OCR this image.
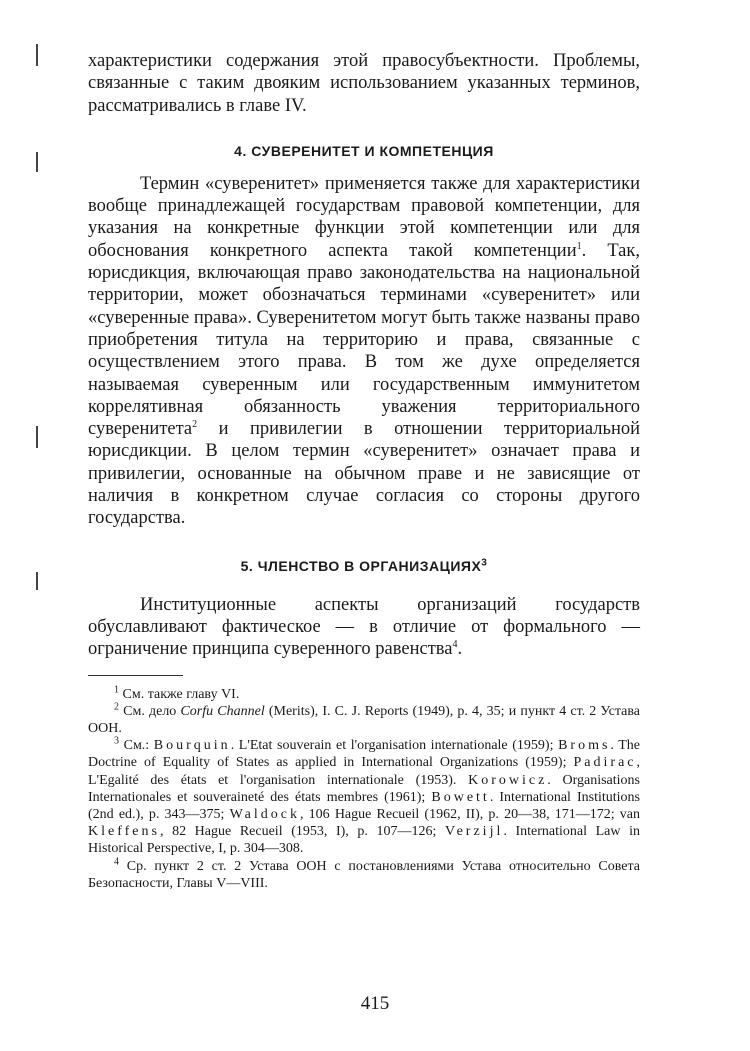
характеристики содержания этой правосубъектности. Проблемы, связанные с таким двояким использованием указанных терминов, рассматривались в главе IV.

4. СУВЕРЕНИТЕТ И КОМПЕТЕНЦИЯ

Термин «суверенитет» применяется также для характеристики вообще принадлежащей государствам правовой компетенции, для указания на конкретные функции этой компетенции или для обоснования конкретного аспекта такой компетенции$^1$. Так, юрисдикция, включающая право законодательства на национальной территории, может обозначаться терминами «суверенитет» или «суверенные права». Суверенитетом могут быть также названы право приобретения титула на территорию и права, связанные с осуществлением этого права. В том же духе определяется называемая суверенным или государственным иммунитетом коррелятивная обязанность уважения территориального суверенитета$^2$ и привилегии в отношении территориальной юрисдикции. В целом термин «суверенитет» означает права и привилегии, основанные на обычном праве и не зависящие от наличия в конкретном случае согласия со стороны другого государства.

5. ЧЛЕНСТВО В ОРГАНИЗАЦИЯХ$^3$

Институционные аспекты организаций государств обуславливают фактическое — в отличие от формального — ограничение принципа суверенного равенства$^4$.

$^1$ См. также главу VI.

$^2$ См. дело Corfu Channel (Merits), I. C. J. Reports (1949), p. 4, 35; и пункт 4 ст. 2 Устава ООН.

$^3$ См.: Bourquin. L'Etat souverain et l'organisation internationale (1959); Broms. The Doctrine of Equality of States as applied in International Organizations (1959); Padirac, L'Egalité des états et l'organisation internationale (1953). Korowicz. Organisations Internationales et souveraineté des états membres (1961); Bowett. International Institutions (2nd ed.), p. 343—375; Waldock, 106 Hague Recueil (1962, II), p. 20—38, 171—172; van Kleffens, 82 Hague Recueil (1953, I), p. 107—126; Verzijl. International Law in Historical Perspective, I, p. 304—308.

$^4$ Ср. пункт 2 ст. 2 Устава ООН с постановлениями Устава относительно Совета Безопасности, Главы V—VIII.

415
